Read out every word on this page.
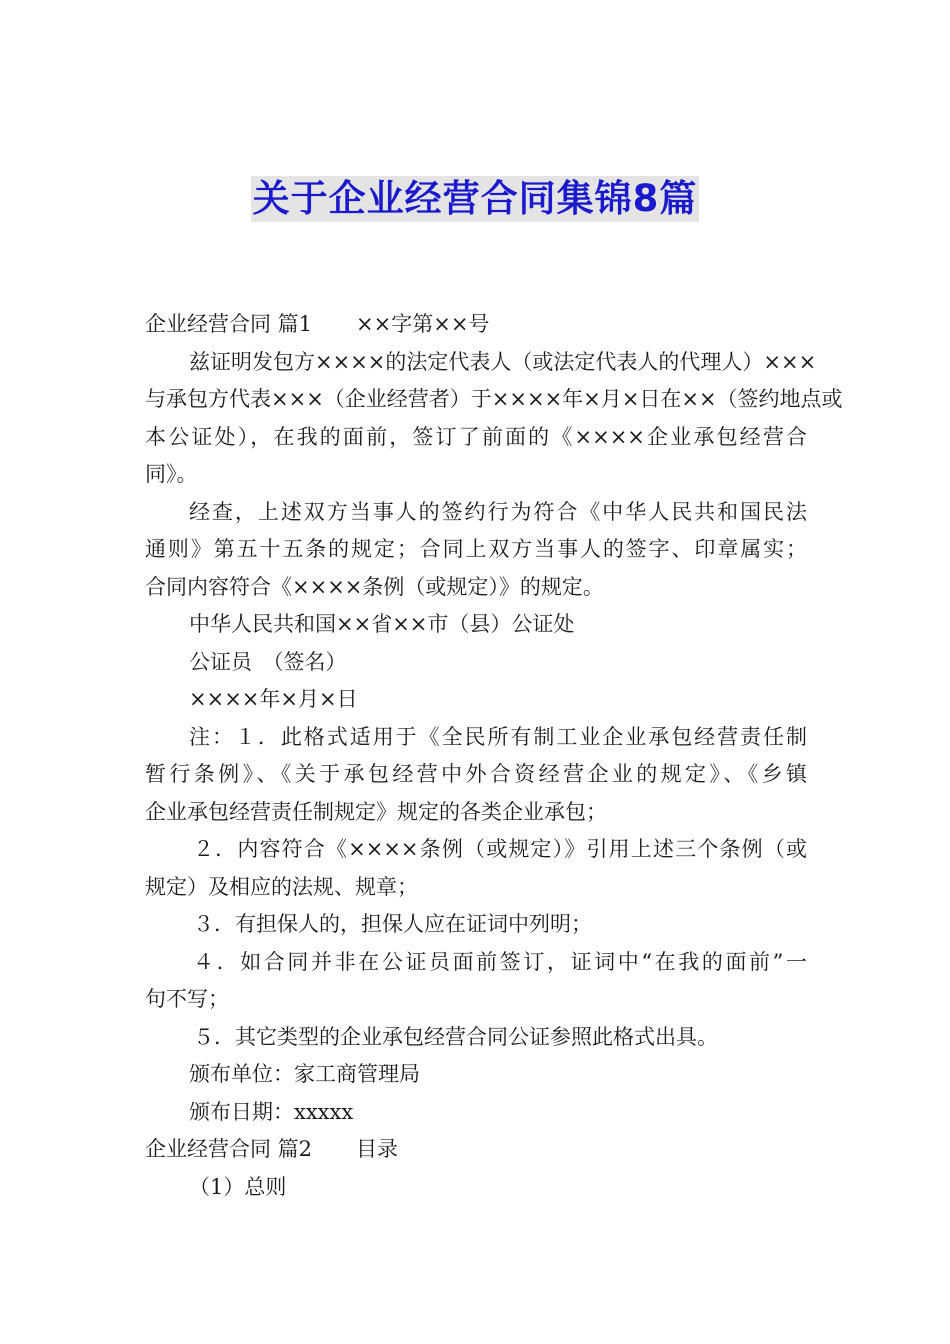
关于企业经营合同集锦8篇
企业经营合同 篇1 ××字第××号
兹证明发包方××××的法定代表人（或法定代表人的代理人）×××
与承包方代表×××（企业经营者）于××××年×月×日在××（签约地点或
本公证处），在我的面前，签订了前面的《××××企业承包经营合
同》。
经查，上述双方当事人的签约行为符合《中华人民共和国民法
通则》第五十五条的规定；合同上双方当事人的签字、印章属实；
合同内容符合《××××条例（或规定）》的规定。
中华人民共和国××省××市（县）公证处
公证员　（签名）
××××年×月×日
注：１．此格式适用于《全民所有制工业企业承包经营责任制
暂行条例》、《关于承包经营中外合资经营企业的规定》、《乡镇
企业承包经营责任制规定》规定的各类企业承包；
２．内容符合《××××条例（或规定）》引用上述三个条例（或
规定）及相应的法规、规章；
３．有担保人的，担保人应在证词中列明；
４．如合同并非在公证员面前签订，证词中“在我的面前”一
句不写；
５．其它类型的企业承包经营合同公证参照此格式出具。
颁布单位：家工商管理局
颁布日期：xxxxx
企业经营合同 篇2 目录
（1）总则
